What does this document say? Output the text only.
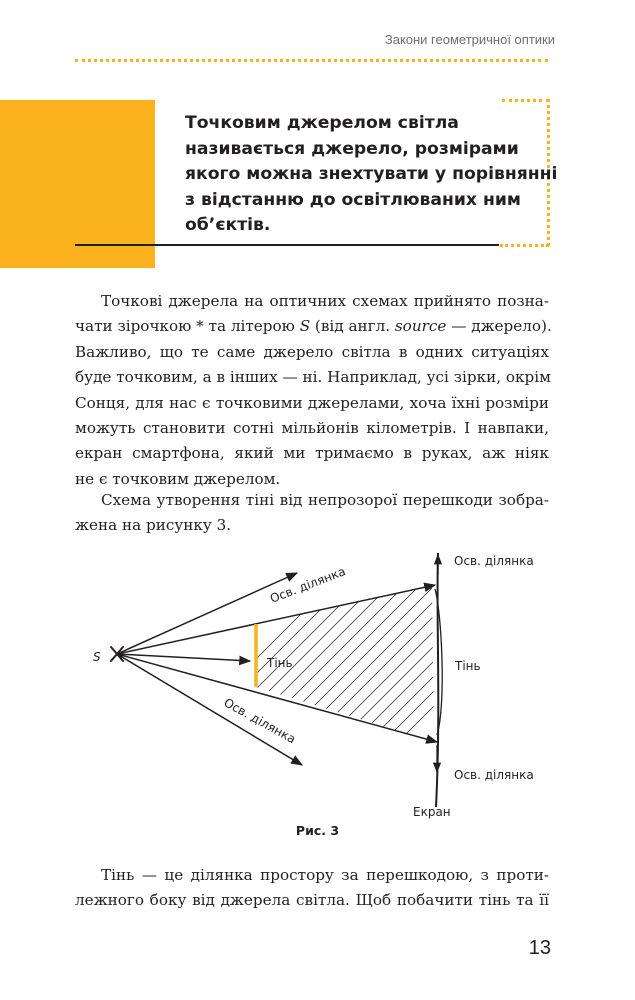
Закони геометричної оптики
Точковим джерелом світла
називається джерело, розмірами
якого можна знехтувати у порівнянні
з відстанню до освітлюваних ним
об’єктів.
Точкові джерела на оптичних схемах прийнято позна-
чати зірочкою * та літерою S (від англ. source — джерело).
Важливо, що те саме джерело світла в одних ситуаціях
буде точковим, а в інших — ні. Наприклад, усі зірки, окрім
Сонця, для нас є точковими джерелами, хоча їхні розміри
можуть становити сотні мільйонів кілометрів. І навпаки,
екран смартфона, який ми тримаємо в руках, аж ніяк
не є точковим джерелом.
Схема утворення тіні від непрозорої перешкоди зобра-
жена на рисунку 3.
S	Тінь
Осв. ділянка
Осв. ділянка
Осв. ділянка
Тінь
Осв. ділянка
Екран
Рис. 3
Тінь — це ділянка простору за перешкодою, з проти-
лежного боку від джерела світла. Щоб побачити тінь та її
13
